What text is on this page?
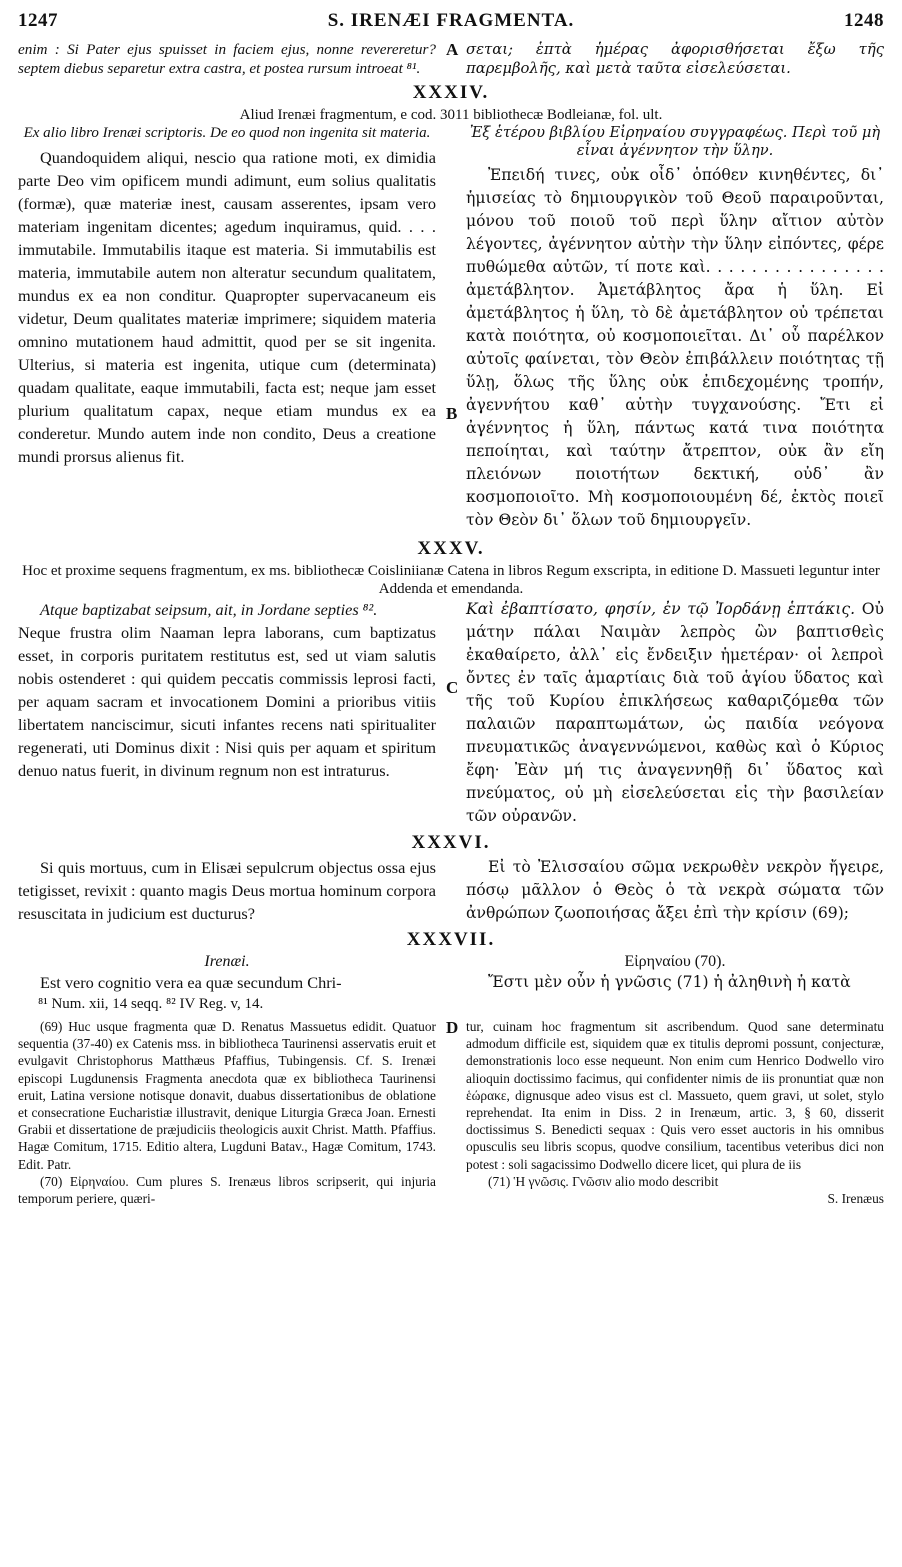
1247	S. IRENÆI FRAGMENTA.	1248
enim : Si Pater ejus spuisset in faciem ejus, nonne revereretur? septem diebus separetur extra castra, et postea rursum introeat ⁸¹.
A σεται; ἑπτὰ ἡμέρας ἀφορισθήσεται ἔξω τῆς παρεμβολῆς, καὶ μετὰ ταῦτα εἰσελεύσεται.
XXXIV.
Aliud Irenæi fragmentum, e cod. 3011 bibliothecæ Bodleianæ, fol. ult.
Ex alio libro Irenæi scriptoris. De eo quod non ingenita sit materia.
Quandoquidem aliqui, nescio qua ratione moti, ex dimidia parte Deo vim opificem mundi adimunt, eum solius qualitatis (formæ), quæ materiæ inest, causam asserentes, ipsam vero materiam ingenitam dicentes; agedum inquiramus, quid. . . . immutabile. Immutabilis itaque est materia. Si immutabilis est materia, immutabile autem non alteratur secundum qualitatem, mundus ex ea non conditur. Quapropter supervacaneum eis videtur, Deum qualitates materiæ imprimere; siquidem materia omnino mutationem haud admittit, quod per se sit ingenita. Ulterius, si materia est ingenita, utique cum (determinata) quadam qualitate, eaque immutabili, facta est; neque jam esset plurium qualitatum capax, neque etiam mundus ex ea conderetur. Mundo autem inde non condito, Deus a creatione mundi prorsus alienus fit.
B
Ἐξ ἑτέρου βιβλίου Εἰρηναίου συγγραφέως. Περὶ τοῦ μὴ εἶναι ἀγέννητον τὴν ὕλην.
Ἐπειδή τινες, οὐκ οἶδ᾽ ὁπόθεν κινηθέντες, δι᾽ ἡμισείας τὸ δημιουργικὸν τοῦ Θεοῦ παραιροῦνται, μόνου τοῦ ποιοῦ τοῦ περὶ ὕλην αἴτιον αὐτὸν λέγοντες, ἀγέννητον αὐτὴν τὴν ὕλην εἰπόντες, φέρε πυθώμεθα αὐτῶν, τί ποτε καὶ. . . . . . . . . . . . . . . . ἀμετάβλητον. Ἀμετάβλητος ἄρα ἡ ὕλη. Εἰ ἀμετάβλητος ἡ ὕλη, τὸ δὲ ἀμετάβλητον οὐ τρέπεται κατὰ ποιότητα, οὐ κοσμοποιεῖται. Δι᾽ οὗ παρέλκον αὐτοῖς φαίνεται, τὸν Θεὸν ἐπιβάλλειν ποιότητας τῇ ὕλῃ, ὅλως τῆς ὕλης οὐκ ἐπιδεχομένης τροπήν, ἀγεννήτου καθ᾽ αὑτὴν τυγχανούσης. Ἔτι εἰ ἀγέννητος ἡ ὕλη, πάντως κατά τινα ποιότητα πεποίηται, καὶ ταύτην ἄτρεπτον, οὐκ ἂν εἴη πλειόνων ποιοτήτων δεκτική, οὐδ᾽ ἂν κοσμοποιοῖτο. Μὴ κοσμοποιουμένη δέ, ἐκτὸς ποιεῖ τὸν Θεὸν δι᾽ ὅλων τοῦ δημιουργεῖν.
XXXV.
Hoc et proxime sequens fragmentum, ex ms. bibliothecæ Coisliniianæ Catena in libros Regum exscripta, in editione D. Massueti leguntur inter Addenda et emendanda.
Atque baptizabat seipsum, ait, in Jordane septies ⁸².
Neque frustra olim Naaman lepra laborans, cum baptizatus esset, in corporis puritatem restitutus est, sed ut viam salutis nobis ostenderet : qui quidem peccatis commissis leprosi facti, per aquam sacram et invocationem Domini a prioribus vitiis libertatem nanciscimur, sicuti infantes recens nati spiritualiter regenerati, uti Dominus dixit : Nisi quis per aquam et spiritum denuo natus fuerit, in divinum regnum non est intraturus.
C
Καὶ ἐβαπτίσατο, φησίν, ἐν τῷ Ἰορδάνῃ ἑπτάκις. Οὐ μάτην πάλαι Ναιμὰν λεπρὸς ὢν βαπτισθεὶς ἐκαθαίρετο, ἀλλ᾽ εἰς ἔνδειξιν ἡμετέραν· οἱ λεπροὶ ὄντες ἐν ταῖς ἁμαρτίαις διὰ τοῦ ἁγίου ὕδατος καὶ τῆς τοῦ Κυρίου ἐπικλήσεως καθαριζόμεθα τῶν παλαιῶν παραπτωμάτων, ὡς παιδία νεόγονα πνευματικῶς ἀναγεννώμενοι, καθὼς καὶ ὁ Κύριος ἔφη· Ἐὰν μή τις ἀναγεννηθῇ δι᾽ ὕδατος καὶ πνεύματος, οὐ μὴ εἰσελεύσεται εἰς τὴν βασιλείαν τῶν οὐρανῶν.
XXXVI.
Si quis mortuus, cum in Elisæi sepulcrum objectus ossa ejus tetigisset, revixit : quanto magis Deus mortua hominum corpora resuscitata in judicium est ducturus?
Εἰ τὸ Ἐλισσαίου σῶμα νεκρωθὲν νεκρὸν ἤγειρε, πόσῳ μᾶλλον ὁ Θεὸς ὁ τὰ νεκρὰ σώματα τῶν ἀνθρώπων ζωοποιήσας ἄξει ἐπὶ τὴν κρίσιν (69);
XXXVII.
Irenæi.
Est vero cognitio vera ea quæ secundum Chri-
Εἰρηναίου (70).
Ἔστι μὲν οὖν ἡ γνῶσις (71) ἡ ἀληθινὴ ἡ κατὰ
⁸¹ Num. xii, 14 seqq. ⁸² IV Reg. v, 14.
(69) Huc usque fragmenta quæ D. Renatus Massuetus edidit. Quatuor sequentia (37-40) ex Catenis mss. in bibliotheca Taurinensi asservatis eruit et evulgavit Christophorus Matthæus Pfaffius, Tubingensis. Cf. S. Irenæi episcopi Lugdunensis Fragmenta anecdota quæ ex bibliotheca Taurinensi eruit, Latina versione notisque donavit, duabus dissertationibus de oblatione et consecratione Eucharistiæ illustravit, denique Liturgia Græca Joan. Ernesti Grabii et dissertatione de præjudiciis theologicis auxit Christ. Matth. Pfaffius. Hagæ Comitum, 1715. Editio altera, Lugduni Batav., Hagæ Comitum, 1743. Edit. Patr.
(70) Εἰρηναίου. Cum plures S. Irenæus libros scripserit, qui injuria temporum periere, quæri-
D tur, cuinam hoc fragmentum sit ascribendum. Quod sane determinatu admodum difficile est, siquidem quæ ex titulis depromi possunt, conjecturæ, demonstrationis loco esse nequeunt. Non enim cum Henrico Dodwello viro alioquin doctissimo facimus, qui confidenter nimis de iis pronuntiat quæ non ἑώρακε, dignusque adeo visus est cl. Massueto, quem gravi, ut solet, stylo reprehendat. Ita enim in Diss. 2 in Irenæum, artic. 3, § 60, disserit doctissimus S. Benedicti sequax : Quis vero esset auctoris in his omnibus opusculis seu libris scopus, quodve consilium, tacentibus veteribus dici non potest : soli sagacissimo Dodwello dicere licet, qui plura de iis
(71) Ἡ γνῶσις. Γνῶσιν alio modo describit
S. Irenæus
